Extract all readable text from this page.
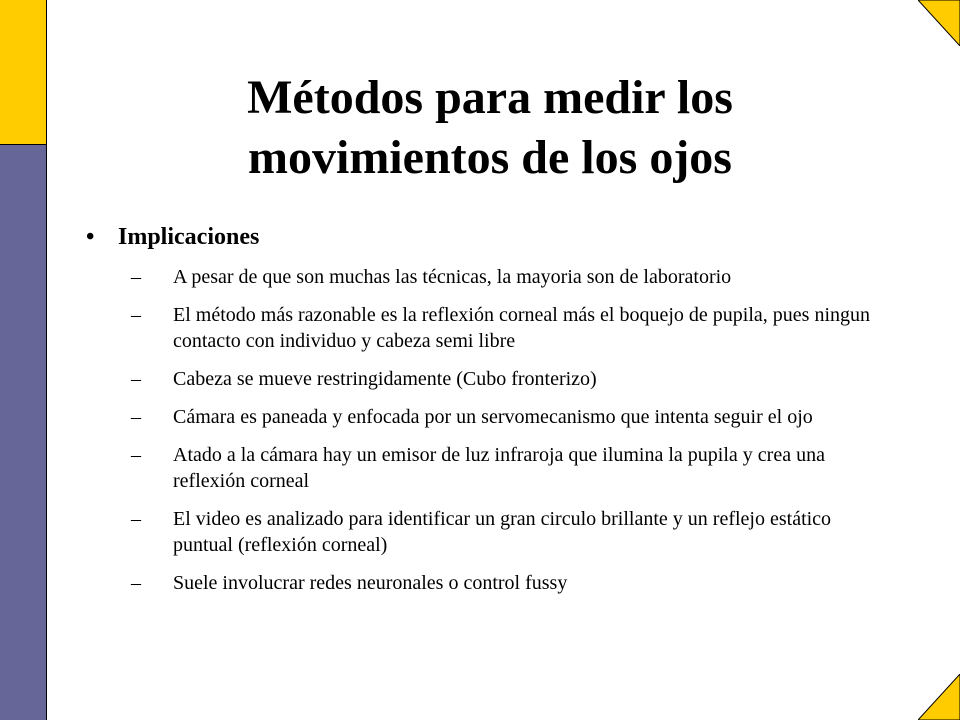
Métodos para medir los
movimientos de los ojos
• Implicaciones
–	A pesar de que son muchas las técnicas, la mayoria son de laboratorio
–	El método más razonable es la reflexión corneal más el boquejo de pupila, pues ningun contacto con individuo y cabeza semi libre
–	Cabeza se mueve restringidamente (Cubo fronterizo)
–	Cámara es paneada y enfocada por un servomecanismo que intenta seguir el ojo
–	Atado a la cámara hay un emisor de luz infraroja que ilumina la pupila y crea una reflexión corneal
–	El video es analizado para identificar un gran circulo brillante y un reflejo estático puntual (reflexión corneal)
–	Suele involucrar redes neuronales o control fussy
